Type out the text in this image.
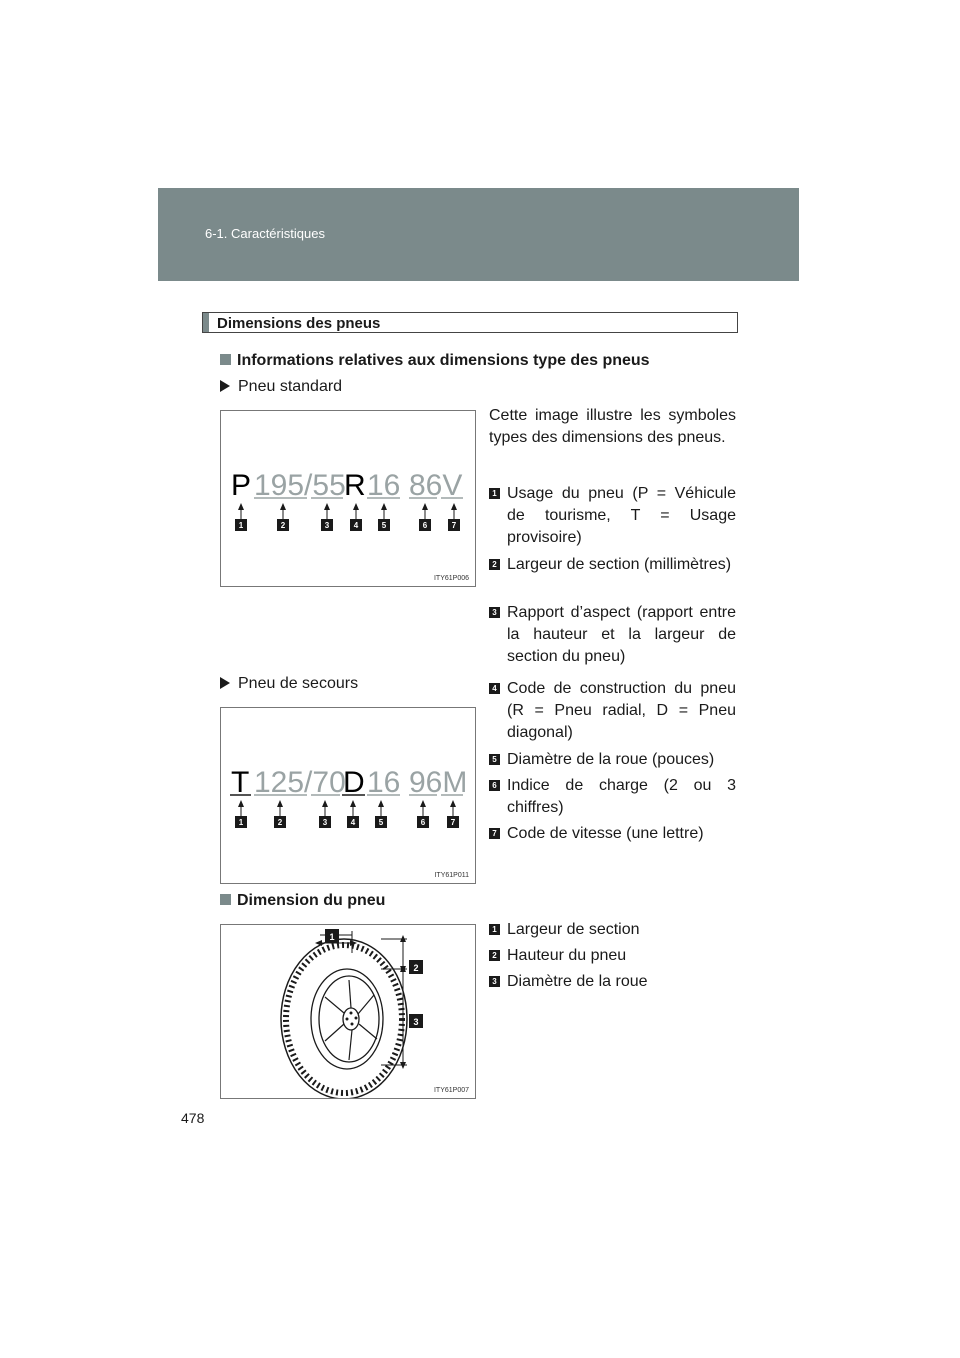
6-1. Caractéristiques
Dimensions des pneus
Informations relatives aux dimensions type des pneus
Pneu standard
P 195/55
R 16 86V
1	2	3	4	5	6	7
ITY61P006
Cette image illustre les symboles types des dimensions des pneus.
1 Usage du pneu (P = Véhicule de tourisme, T = Usage provisoire)
2 Largeur de section (millimètres)
3 Rapport d’aspect (rapport entre la hauteur et la largeur de section du pneu)
Pneu de secours	4 Code de construction du pneu (R = Pneu radial, D = Pneu diagonal)
5 Diamètre de la roue (pouces)
6 Indice de charge (2 ou 3 chiffres)
7 Code de vitesse (une lettre)
T 125/70
D 16 96M
1	2	3	4	5	6	7
ITY61P011
Dimension du pneu
1
2
3
ITY61P007
1 Largeur de section
2 Hauteur du pneu
3 Diamètre de la roue
478
